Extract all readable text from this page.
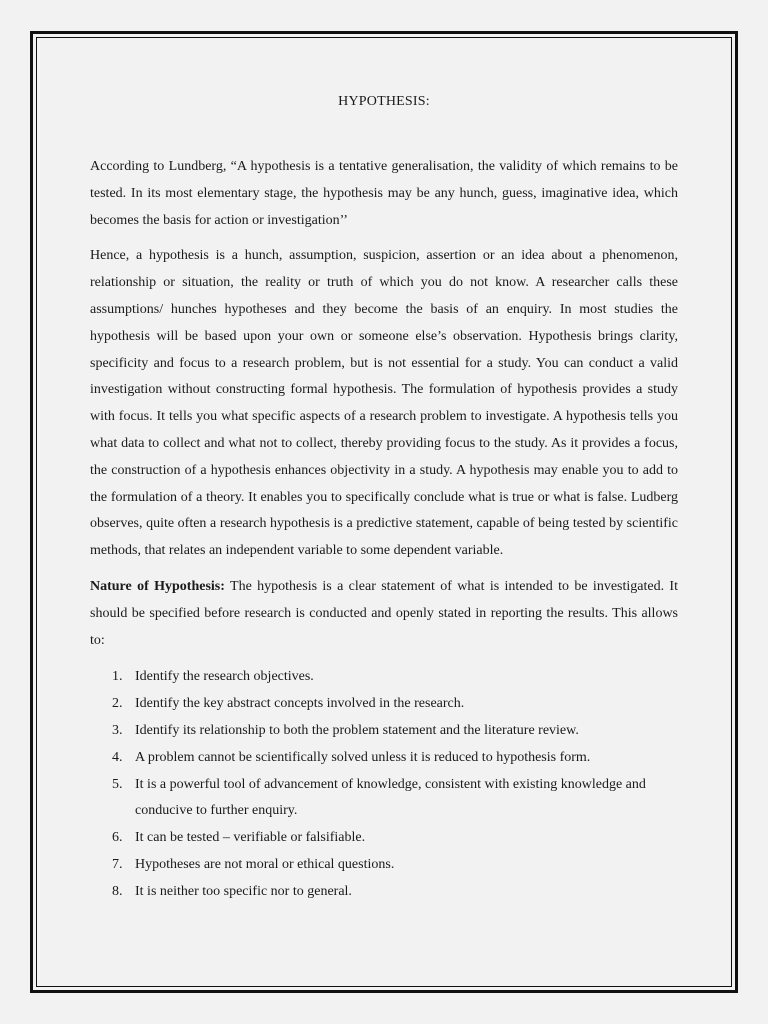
HYPOTHESIS:

According to Lundberg, “A hypothesis is a tentative generalisation, the validity of which remains to be tested. In its most elementary stage, the hypothesis may be any hunch, guess, imaginative idea, which becomes the basis for action or investigation’’

Hence, a hypothesis is a hunch, assumption, suspicion, assertion or an idea about a phenomenon, relationship or situation, the reality or truth of which you do not know. A researcher calls these assumptions/ hunches hypotheses and they become the basis of an enquiry. In most studies the hypothesis will be based upon your own or someone else’s observation. Hypothesis brings clarity, specificity and focus to a research problem, but is not essential for a study. You can conduct a valid investigation without constructing formal hypothesis. The formulation of hypothesis provides a study with focus. It tells you what specific aspects of a research problem to investigate. A hypothesis tells you what data to collect and what not to collect, thereby providing focus to the study. As it provides a focus, the construction of a hypothesis enhances objectivity in a study. A hypothesis may enable you to add to the formulation of a theory. It enables you to specifically conclude what is true or what is false. Ludberg observes, quite often a research hypothesis is a predictive statement, capable of being tested by scientific methods, that relates an independent variable to some dependent variable.

Nature of Hypothesis: The hypothesis is a clear statement of what is intended to be investigated. It should be specified before research is conducted and openly stated in reporting the results. This allows to:

1. Identify the research objectives.
2. Identify the key abstract concepts involved in the research.
3. Identify its relationship to both the problem statement and the literature review.
4. A problem cannot be scientifically solved unless it is reduced to hypothesis form.
5. It is a powerful tool of advancement of knowledge, consistent with existing knowledge and conducive to further enquiry.
6. It can be tested – verifiable or falsifiable.
7. Hypotheses are not moral or ethical questions.
8. It is neither too specific nor to general.
